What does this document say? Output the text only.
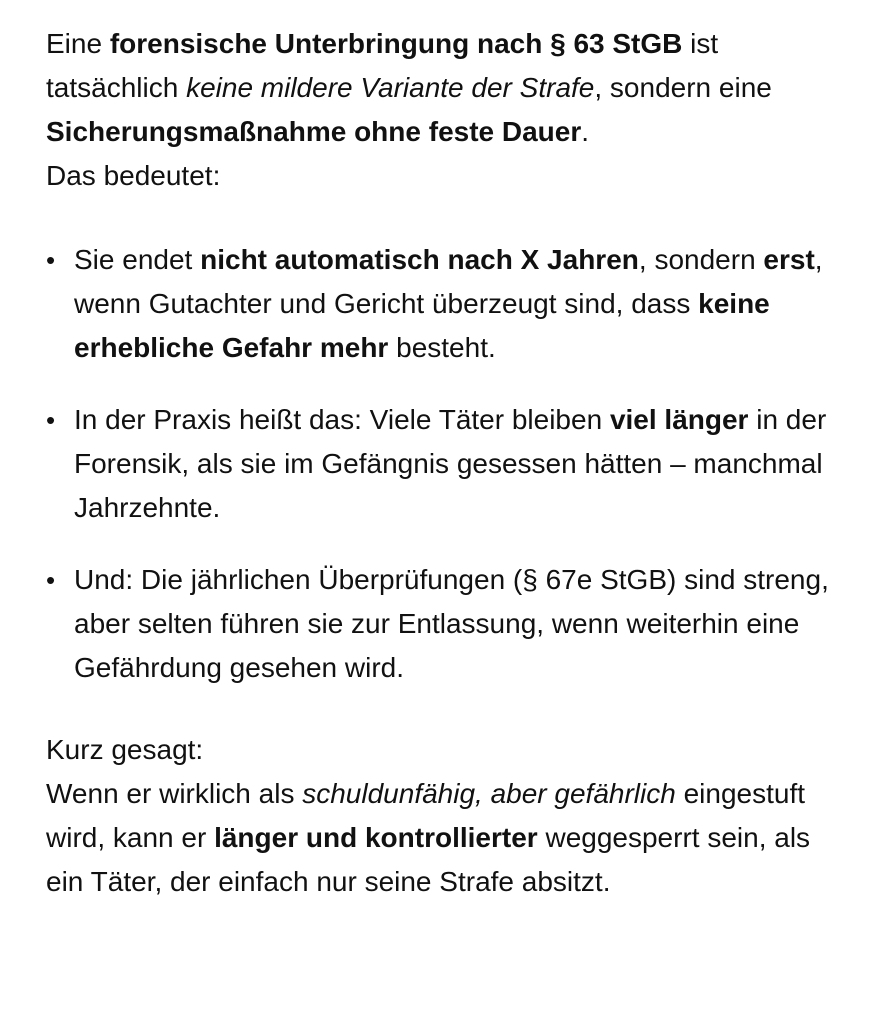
Eine forensische Unterbringung nach § 63 StGB ist tatsächlich keine mildere Variante der Strafe, sondern eine Sicherungsmaßnahme ohne feste Dauer.
Das bedeutet:

• Sie endet nicht automatisch nach X Jahren, sondern erst, wenn Gutachter und Gericht überzeugt sind, dass keine erhebliche Gefahr mehr besteht.
• In der Praxis heißt das: Viele Täter bleiben viel länger in der Forensik, als sie im Gefängnis gesessen hätten – manchmal Jahrzehnte.
• Und: Die jährlichen Überprüfungen (§ 67e StGB) sind streng, aber selten führen sie zur Entlassung, wenn weiterhin eine Gefährdung gesehen wird.

Kurz gesagt:
Wenn er wirklich als schuldunfähig, aber gefährlich eingestuft wird, kann er länger und kontrollierter weggesperrt sein, als ein Täter, der einfach nur seine Strafe absitzt.
